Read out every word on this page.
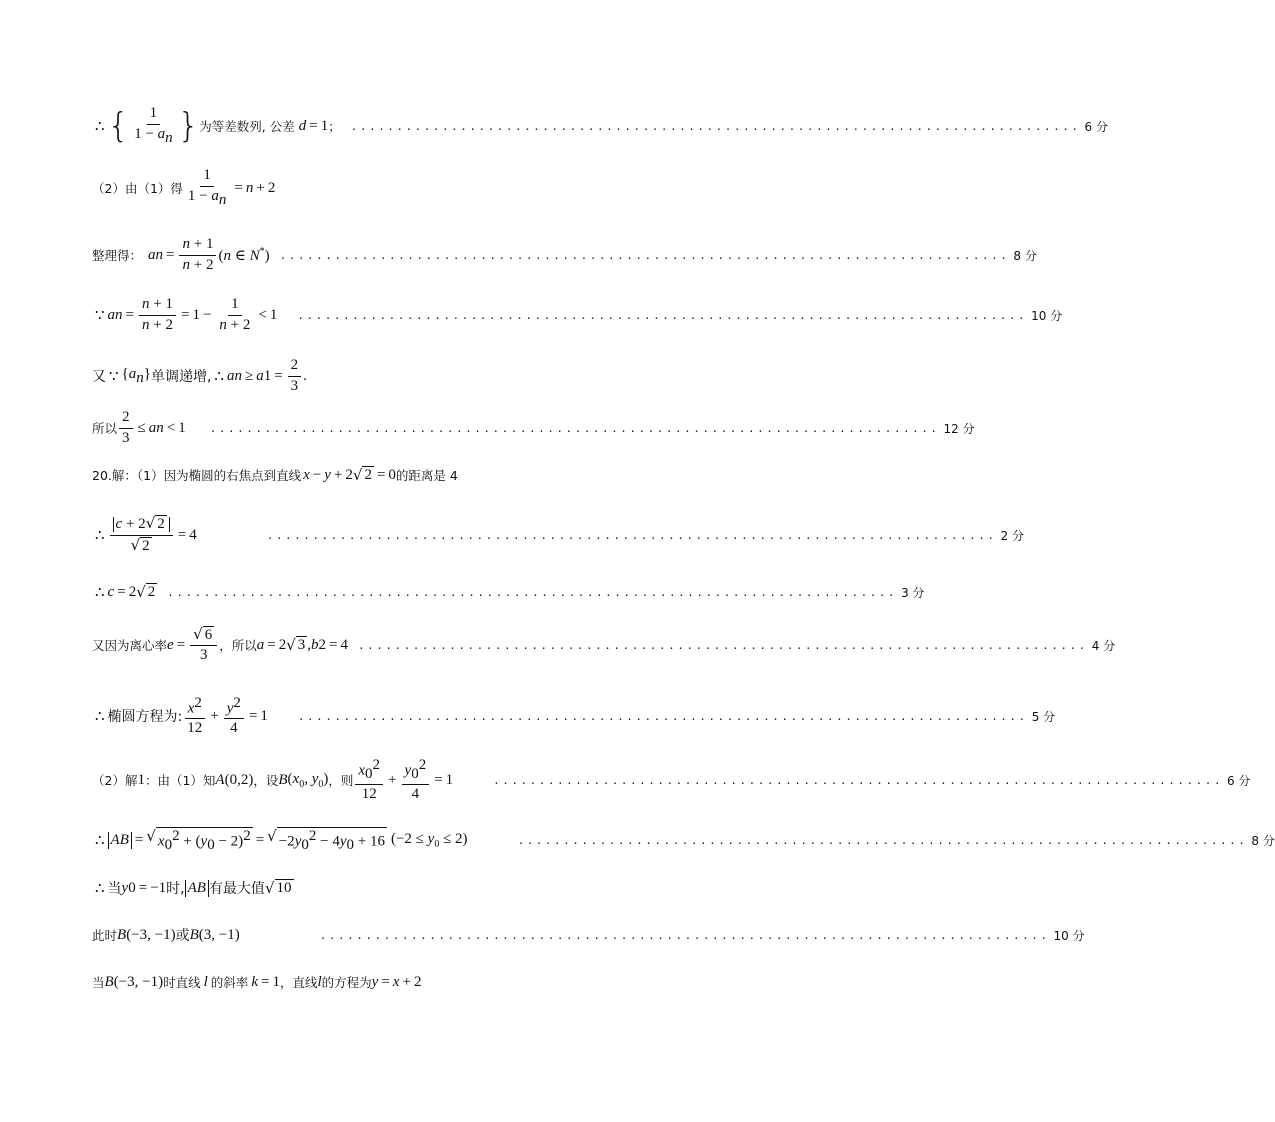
∴ { $\frac{1}{1 - a_n}$ } 为等差数列, 公差 d = 1 ； ................................................................................ 6 分
（2）由（1）得 $\frac{1}{1 - a_n} = n + 2$
整理得： a $n = \frac{n + 1}{n + 2} (n$ ∈ N*) ................................................................................ 8 分
∵ a $n = \frac{n + 1}{n + 2} = 1 - \frac{1}{n + 2} < 1$ ................................................................................ 10 分
又 ∵ $\{a_n\}$ 单调递增, ∴ a n ≥ a $1 = \frac{2}{3}$ .
所以 $\frac{2}{3} \le a$ n < 1 ................................................................................ 12 分
20.解：（1）因为椭圆的右焦点到直线 x − y + 2 √ 2 = 0 的距离是 4
∴ $\frac{c + 2 √ 2}{√ 2} = 4$	................................................................................ 2 分
∴ c = 2 √ 2 ................................................................................ 3 分
又因为离心率 $e = \frac{√ 6}{3}$ ，所以 a = 2 √ 3 , b 2 = 4 ................................................................................ 4 分
∴ 椭圆方程为: $\frac{x^2}{12} + \frac{y^2}{4} = 1$	................................................................................ 5 分
（2）解 1 ：由（1）知 A (0,2) ，设 B ($x_0$, $y_0$) ，则 $\frac{x_0^2}{12} + \frac{y_0^2}{4} = 1$	................................................................................ 6 分
∴ AB = √ $x_0^2 + (y_0 - 2)^2$ = √ $-2y_0^2 - 4y_0 + 16$ $(-2 \le y_0 \le 2)$	................................................................................ 8 分
∴ 当 y 0 = −1 时, AB 有最大值 √ 10
此时 B (−3, −1) 或 B (3, −1)	................................................................................ 10 分
当 B (−3, −1) 时直线 l 的斜率 k = 1 ，直线 l 的方程为 y = x + 2
